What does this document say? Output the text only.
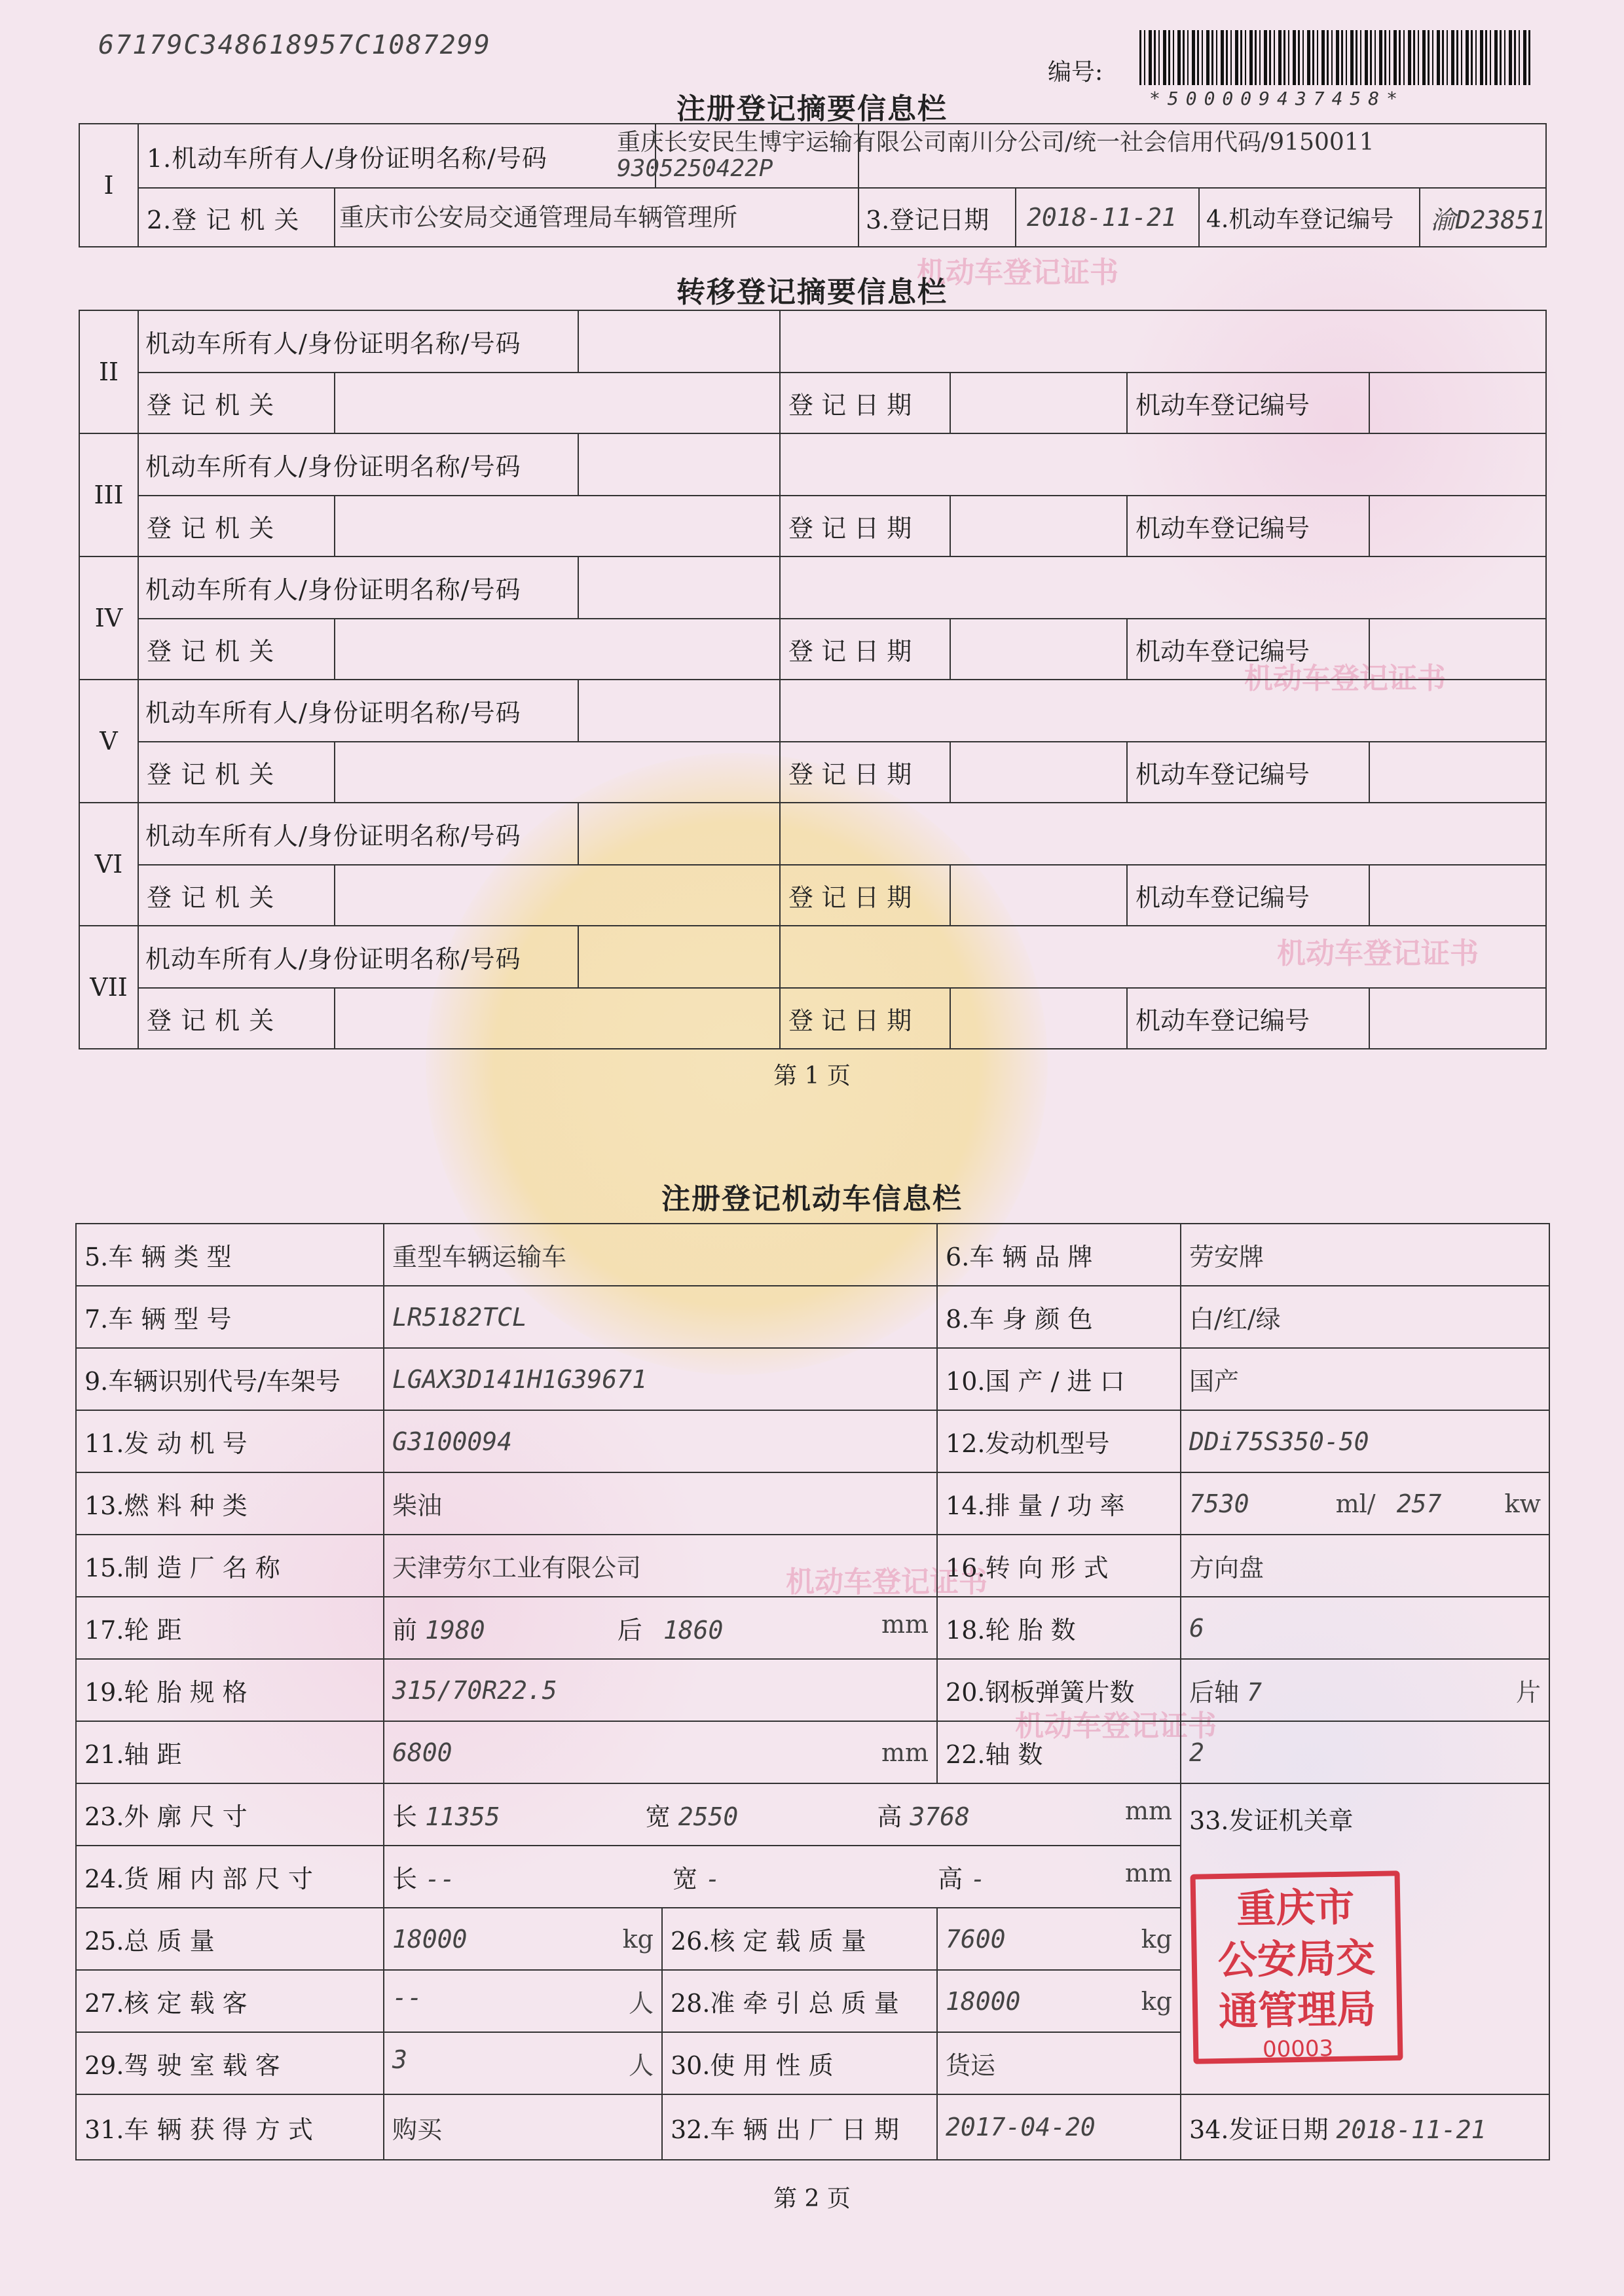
机动车登记证书
机动车登记证书
机动车登记证书
机动车登记证书
机动车登记证书
67179C348618957C1087299
编号:
*500009437458*
注册登记摘要信息栏
I	1.机动车所有人/身份证明名称/号码		重庆长安民生博宇运输有限公司南川分公司/统一社会信用代码/9150011
9305250422P	

	2.登 记 机 关	重庆市公安局交通管理局车辆管理所	3.登记日期 2018-11-21	4.机动车登记编号 渝D23851
转移登记摘要信息栏
II	机动车所有人/身份证明名称/号码					

	登 记 机 关		登 记 日 期		机动车登记编号	
III	机动车所有人/身份证明名称/号码					

	登 记 机 关		登 记 日 期		机动车登记编号	
IV	机动车所有人/身份证明名称/号码					

	登 记 机 关		登 记 日 期		机动车登记编号	
V	机动车所有人/身份证明名称/号码					

	登 记 机 关		登 记 日 期		机动车登记编号	
VI	机动车所有人/身份证明名称/号码					

	登 记 机 关		登 记 日 期		机动车登记编号	
VII	机动车所有人/身份证明名称/号码					

	登 记 机 关		登 记 日 期		机动车登记编号	
第 1 页
注册登记机动车信息栏
5.车 辆 类 型	重型车辆运输车		6.车 辆 品 牌	劳安牌
7.车 辆 型 号	LR5182TCL		8.车 身 颜 色	白/红/绿
9.车辆识别代号/车架号	LGAX3D141H1G39671		10.国 产 / 进 口	国产
11.发 动 机 号	G3100094		12.发动机型号	DDi75S350-50
13.燃 料 种 类	柴油		14.排 量 / 功 率	7530 ml/ 257 kw

15.制 造 厂 名 称	天津劳尔工业有限公司		16.转 向 形 式	方向盘
17.轮 距	前 1980 后 1860 mm		18.轮 胎 数	6
19.轮 胎 规 格	315/70R22.5		20.钢板弹簧片数	后轴 7 片

21.轴 距	6800 mm		22.轴 数	2
23.外 廓 尺 寸	长 11355 宽 2550 高 3768 mm			33.发证机关章
24.货 厢 内 部 尺 寸	长 -- 宽 - 高 - mm			

25.总 质 量	18000 kg	26.核 定 载 质 量	7600 kg	

27.核 定 载 客	-- 人	28.准 牵 引 总 质 量	18000 kg	

29.驾 驶 室 载 客	3 人	30.使 用 性 质	货运	
31.车 辆 获 得 方 式	购买	32.车 辆 出 厂 日 期	2017-04-20	34.发证日期 2018-11-21
重庆市
公安局交
通管理局
00003
第 2 页
